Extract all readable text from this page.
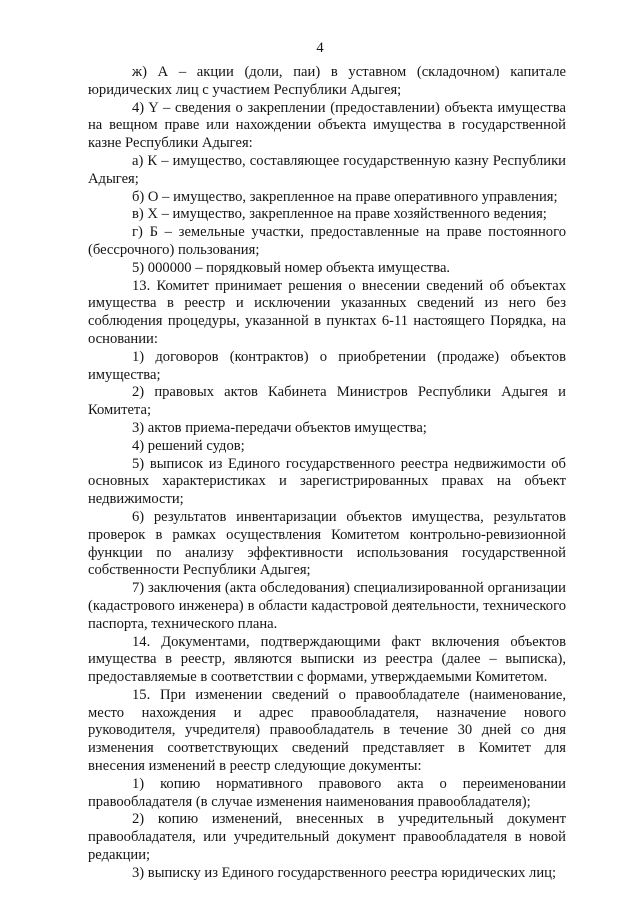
4

ж) А – акции (доли, паи) в уставном (складочном) капитале юридических лиц с участием Республики Адыгея;

4) Y – сведения о закреплении (предоставлении) объекта имущества на вещном праве или нахождении объекта имущества в государственной казне Республики Адыгея:

а) К – имущество, составляющее государственную казну Республики Адыгея;

б) О – имущество, закрепленное на праве оперативного управления;

в) Х – имущество, закрепленное на праве хозяйственного ведения;

г) Б – земельные участки, предоставленные на праве постоянного (бессрочного) пользования;

5) 000000 – порядковый номер объекта имущества.

13. Комитет принимает решения о внесении сведений об объектах имущества в реестр и исключении указанных сведений из него без соблюдения процедуры, указанной в пунктах 6-11 настоящего Порядка, на основании:

1) договоров (контрактов) о приобретении (продаже) объектов имущества;

2) правовых актов Кабинета Министров Республики Адыгея и Комитета;

3) актов приема-передачи объектов имущества;

4) решений судов;

5) выписок из Единого государственного реестра недвижимости об основных характеристиках и зарегистрированных правах на объект недвижимости;

6) результатов инвентаризации объектов имущества, результатов проверок в рамках осуществления Комитетом контрольно-ревизионной функции по анализу эффективности использования государственной собственности Республики Адыгея;

7) заключения (акта обследования) специализированной организации (кадастрового инженера) в области кадастровой деятельности, технического паспорта, технического плана.

14. Документами, подтверждающими факт включения объектов имущества в реестр, являются выписки из реестра (далее – выписка), предоставляемые в соответствии с формами, утверждаемыми Комитетом.

15. При изменении сведений о правообладателе (наименование, место нахождения и адрес правообладателя, назначение нового руководителя, учредителя) правообладатель в течение 30 дней со дня изменения соответствующих сведений представляет в Комитет для внесения изменений в реестр следующие документы:

1) копию нормативного правового акта о переименовании правообладателя (в случае изменения наименования правообладателя);

2) копию изменений, внесенных в учредительный документ правообладателя, или учредительный документ правообладателя в новой редакции;

3) выписку из Единого государственного реестра юридических лиц;
